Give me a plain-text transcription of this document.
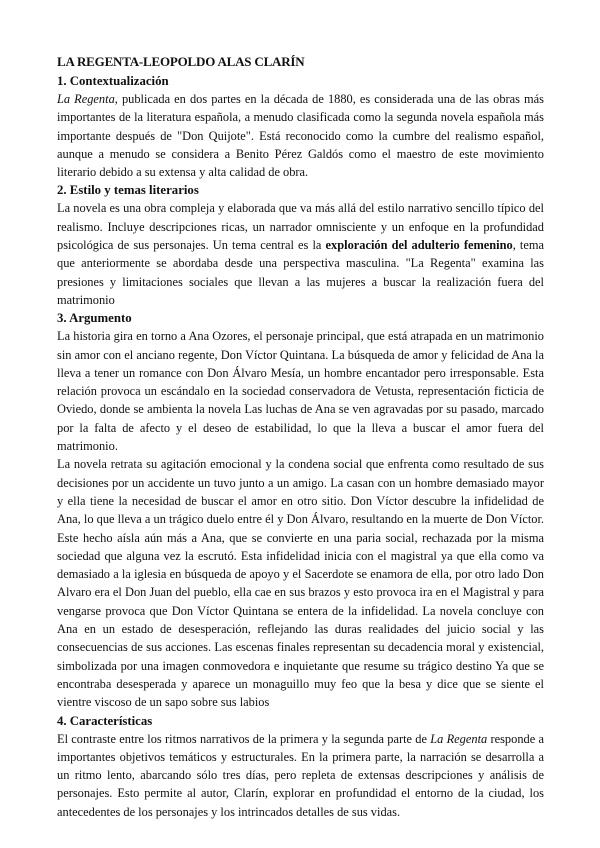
LA REGENTA-LEOPOLDO ALAS CLARÍN
1. Contextualización

La Regenta, publicada en dos partes en la década de 1880, es considerada una de las obras más importantes de la literatura española, a menudo clasificada como la segunda novela española más importante después de "Don Quijote". Está reconocido como la cumbre del realismo español, aunque a menudo se considera a Benito Pérez Galdós como el maestro de este movimiento literario debido a su extensa y alta calidad de obra.

2. Estilo y temas literarios

La novela es una obra compleja y elaborada que va más allá del estilo narrativo sencillo típico del realismo. Incluye descripciones ricas, un narrador omnisciente y un enfoque en la profundidad psicológica de sus personajes. Un tema central es la exploración del adulterio femenino, tema que anteriormente se abordaba desde una perspectiva masculina. "La Regenta" examina las presiones y limitaciones sociales que llevan a las mujeres a buscar la realización fuera del matrimonio

3. Argumento

La historia gira en torno a Ana Ozores, el personaje principal, que está atrapada en un matrimonio sin amor con el anciano regente, Don Víctor Quintana. La búsqueda de amor y felicidad de Ana la lleva a tener un romance con Don Álvaro Mesía, un hombre encantador pero irresponsable. Esta relación provoca un escándalo en la sociedad conservadora de Vetusta, representación ficticia de Oviedo, donde se ambienta la novela Las luchas de Ana se ven agravadas por su pasado, marcado por la falta de afecto y el deseo de estabilidad, lo que la lleva a buscar el amor fuera del matrimonio.

La novela retrata su agitación emocional y la condena social que enfrenta como resultado de sus decisiones por un accidente un tuvo junto a un amigo. La casan con un hombre demasiado mayor y ella tiene la necesidad de buscar el amor en otro sitio. Don Víctor descubre la infidelidad de Ana, lo que lleva a un trágico duelo entre él y Don Álvaro, resultando en la muerte de Don Víctor. Este hecho aísla aún más a Ana, que se convierte en una paria social, rechazada por la misma sociedad que alguna vez la escrutó. Esta infidelidad inicia con el magistral ya que ella como va demasiado a la iglesia en búsqueda de apoyo y el Sacerdote se enamora de ella, por otro lado Don Alvaro era el Don Juan del pueblo, ella cae en sus brazos y esto provoca ira en el Magistral y para vengarse provoca que Don Víctor Quintana se entera de la infidelidad. La novela concluye con Ana en un estado de desesperación, reflejando las duras realidades del juicio social y las consecuencias de sus acciones. Las escenas finales representan su decadencia moral y existencial, simbolizada por una imagen conmovedora e inquietante que resume su trágico destino Ya que se encontraba desesperada y aparece un monaguillo muy feo que la besa y dice que se siente el vientre viscoso de un sapo sobre sus labios

4. Características

El contraste entre los ritmos narrativos de la primera y la segunda parte de La Regenta responde a importantes objetivos temáticos y estructurales. En la primera parte, la narración se desarrolla a un ritmo lento, abarcando sólo tres días, pero repleta de extensas descripciones y análisis de personajes. Esto permite al autor, Clarín, explorar en profundidad el entorno de la ciudad, los antecedentes de los personajes y los intrincados detalles de sus vidas.
